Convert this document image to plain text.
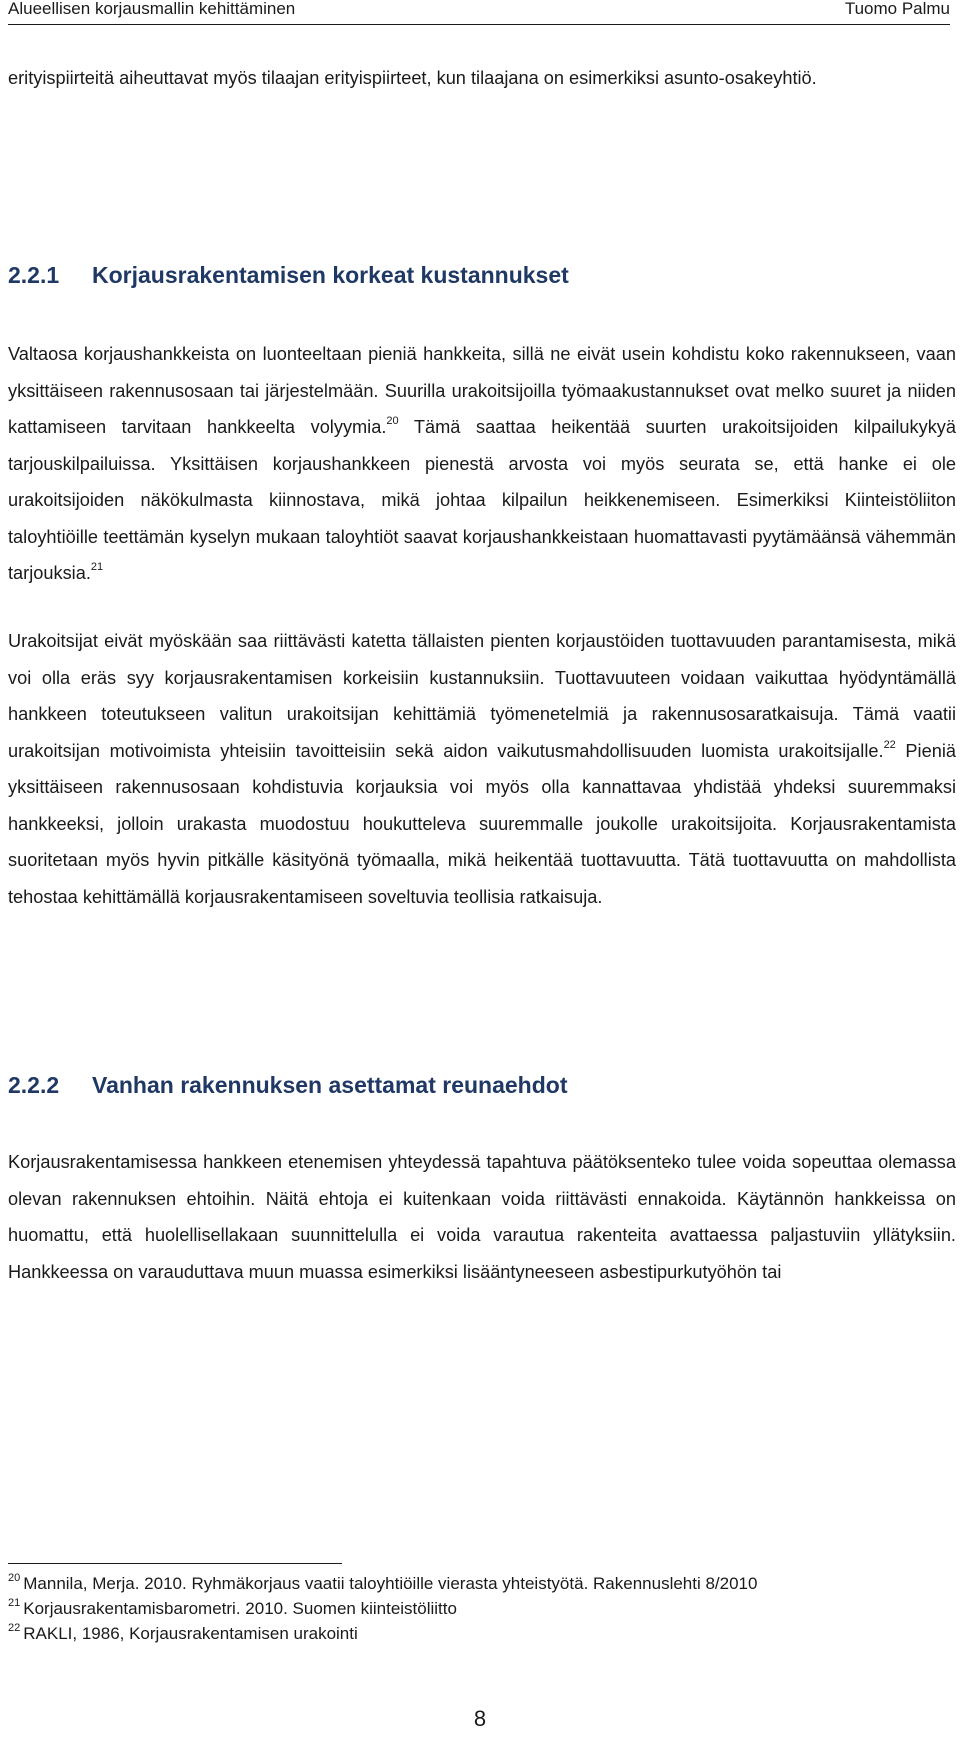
Alueellisen korjausmallin kehittäminen	Tuomo Palmu

erityispiirteitä aiheuttavat myös tilaajan erityispiirteet, kun tilaajana on esimerkiksi asunto-osakeyhtiö.

2.2.1 Korjausrakentamisen korkeat kustannukset

Valtaosa korjaushankkeista on luonteeltaan pieniä hankkeita, sillä ne eivät usein kohdistu koko rakennukseen, vaan yksittäiseen rakennusosaan tai järjestelmään. Suurilla urakoitsijoilla työmaakustannukset ovat melko suuret ja niiden kattamiseen tarvitaan hankkeelta volyymia.$^{20}$ Tämä saattaa heikentää suurten urakoitsijoiden kilpailukykyä tarjouskilpailuissa. Yksittäisen korjaushankkeen pienestä arvosta voi myös seurata se, että hanke ei ole urakoitsijoiden näkökulmasta kiinnostava, mikä johtaa kilpailun heikkenemiseen. Esimerkiksi Kiinteistöliiton taloyhtiöille teettämän kyselyn mukaan taloyhtiöt saavat korjaushankkeistaan huomattavasti pyytämäänsä vähemmän tarjouksia.$^{21}$

Urakoitsijat eivät myöskään saa riittävästi katetta tällaisten pienten korjaustöiden tuottavuuden parantamisesta, mikä voi olla eräs syy korjausrakentamisen korkeisiin kustannuksiin. Tuottavuuteen voidaan vaikuttaa hyödyntämällä hankkeen toteutukseen valitun urakoitsijan kehittämiä työmenetelmiä ja rakennusosaratkaisuja. Tämä vaatii urakoitsijan motivoimista yhteisiin tavoitteisiin sekä aidon vaikutusmahdollisuuden luomista urakoitsijalle.$^{22}$ Pieniä yksittäiseen rakennusosaan kohdistuvia korjauksia voi myös olla kannattavaa yhdistää yhdeksi suuremmaksi hankkeeksi, jolloin urakasta muodostuu houkutteleva suuremmalle joukolle urakoitsijoita. Korjausrakentamista suoritetaan myös hyvin pitkälle käsityönä työmaalla, mikä heikentää tuottavuutta. Tätä tuottavuutta on mahdollista tehostaa kehittämällä korjausrakentamiseen soveltuvia teollisia ratkaisuja.

2.2.2 Vanhan rakennuksen asettamat reunaehdot

Korjausrakentamisessa hankkeen etenemisen yhteydessä tapahtuva päätöksenteko tulee voida sopeuttaa olemassa olevan rakennuksen ehtoihin. Näitä ehtoja ei kuitenkaan voida riittävästi ennakoida. Käytännön hankkeissa on huomattu, että huolellisellakaan suunnittelulla ei voida varautua rakenteita avattaessa paljastuviin yllätyksiin. Hankkeessa on varauduttava muun muassa esimerkiksi lisääntyneeseen asbestipurkutyöhön tai

$^{20}$ Mannila, Merja. 2010. Ryhmäkorjaus vaatii taloyhtiöille vierasta yhteistyötä. Rakennuslehti 8/2010
$^{21}$ Korjausrakentamisbarometri. 2010. Suomen kiinteistöliitto
$^{22}$ RAKLI, 1986, Korjausrakentamisen urakointi
8
